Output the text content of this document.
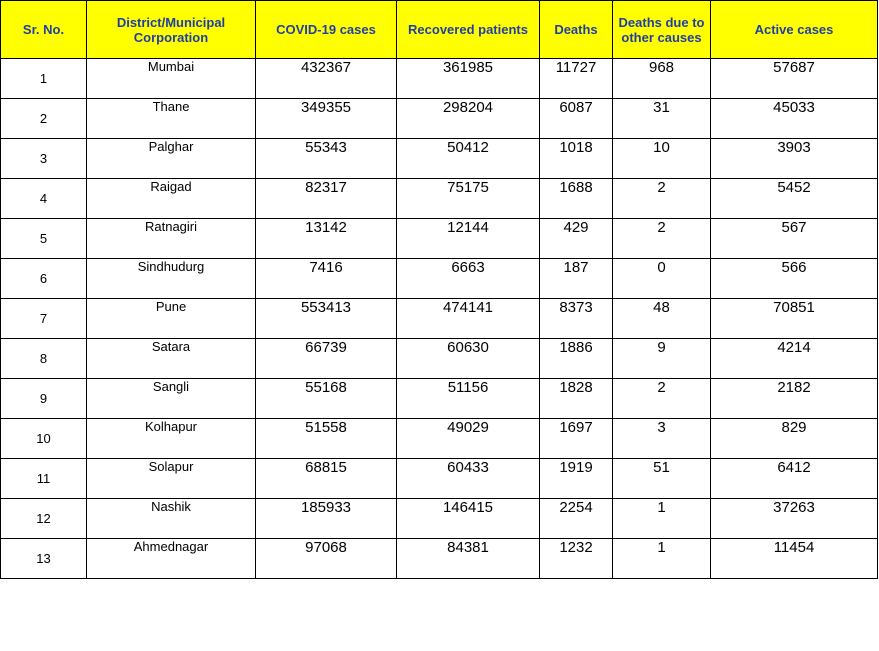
Sr. No.	District/Municipal Corporation	COVID-19 cases	Recovered patients	Deaths	Deaths due to other causes	Active cases
1	Mumbai	432367	361985	11727	968	57687
2	Thane	349355	298204	6087	31	45033
3	Palghar	55343	50412	1018	10	3903
4	Raigad	82317	75175	1688	2	5452
5	Ratnagiri	13142	12144	429	2	567
6	Sindhudurg	7416	6663	187	0	566
7	Pune	553413	474141	8373	48	70851
8	Satara	66739	60630	1886	9	4214
9	Sangli	55168	51156	1828	2	2182
10	Kolhapur	51558	49029	1697	3	829
11	Solapur	68815	60433	1919	51	6412
12	Nashik	185933	146415	2254	1	37263
13	Ahmednagar	97068	84381	1232	1	11454
